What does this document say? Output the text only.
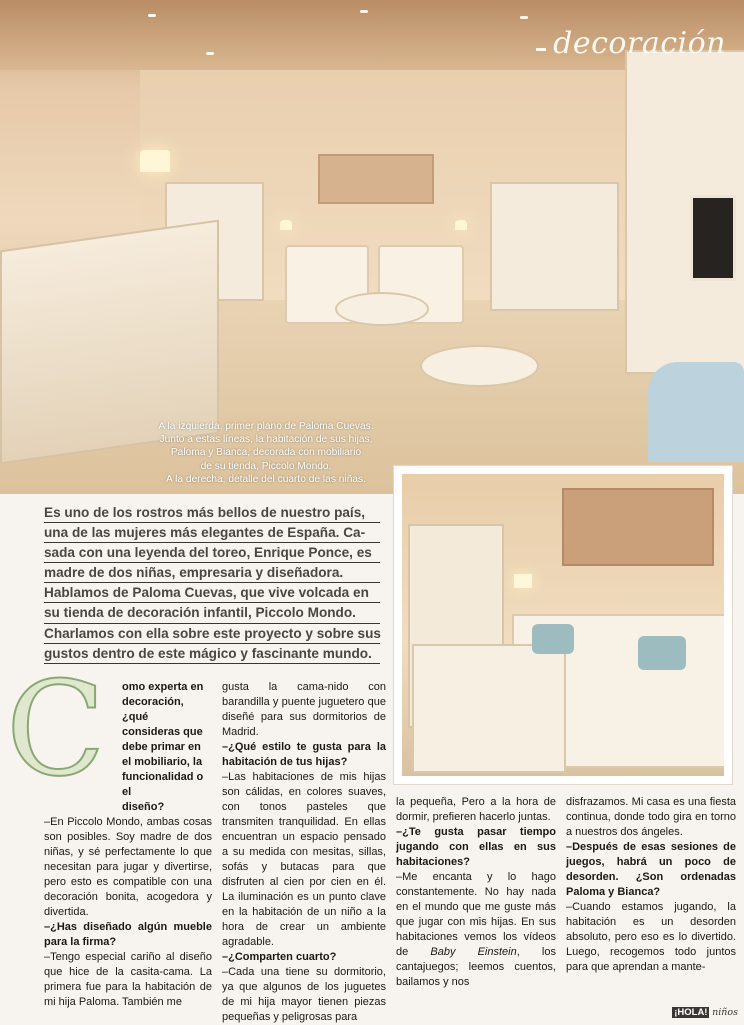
decoración
A la izquierda, primer plano de Paloma Cuevas.
Junto a estas líneas, la habitación de sus hijas,
Paloma y Bianca, decorada con mobiliario
de su tienda, Piccolo Mondo.
A la derecha, detalle del cuarto de las niñas.
Es uno de los rostros más bellos de nuestro país,
una de las mujeres más elegantes de España. Ca-
sada con una leyenda del toreo, Enrique Ponce, es
madre de dos niñas, empresaria y diseñadora.
Hablamos de Paloma Cuevas, que vive volcada en
su tienda de decoración infantil, Piccolo Mondo.
Charlamos con ella sobre este proyecto y sobre sus
gustos dentro de este mágico y fascinante mundo.
C omo experta en
decoración, ¿qué
consideras que
debe primar en
el mobiliario, la
funcionalidad o el
diseño?

–En Piccolo Mondo, ambas cosas son posibles. Soy madre de dos niñas, y sé perfectamente lo que necesitan para jugar y divertirse, pero esto es compatible con una decoración bonita, acogedora y divertida.

–¿Has diseñado algún mueble para la firma?

–Tengo especial cariño al diseño que hice de la casita-cama. La primera fue para la habitación de mi hija Paloma. También me

gusta la cama-nido con barandilla y puente juguetero que diseñé para sus dormitorios de Madrid.

–¿Qué estilo te gusta para la habitación de tus hijas?

–Las habitaciones de mis hijas son cálidas, en colores suaves, con tonos pasteles que transmiten tranquilidad. En ellas encuentran un espacio pensado a su medida con mesitas, sillas, sofás y butacas para que disfruten al cien por cien en él. La iluminación es un punto clave en la habitación de un niño a la hora de crear un ambiente agradable.

–¿Comparten cuarto?

–Cada una tiene su dormitorio, ya que algunos de los juguetes de mi hija mayor tienen piezas pequeñas y peligrosas para

la pequeña, Pero a la hora de dormir, prefieren hacerlo juntas.

–¿Te gusta pasar tiempo jugando con ellas en sus habitaciones?

–Me encanta y lo hago constantemente. No hay nada en el mundo que me guste más que jugar con mis hijas. En sus habitaciones vemos los vídeos de Baby Einstein, los cantajuegos; leemos cuentos, bailamos y nos

disfrazamos. Mi casa es una fiesta continua, donde todo gira en torno a nuestros dos ángeles.

–Después de esas sesiones de juegos, habrá un poco de desorden. ¿Son ordenadas Paloma y Bianca?

–Cuando estamos jugando, la habitación es un desorden absoluto, pero eso es lo divertido. Luego, recogemos todo juntos para que aprendan a mante-

¡HOLA! niños
